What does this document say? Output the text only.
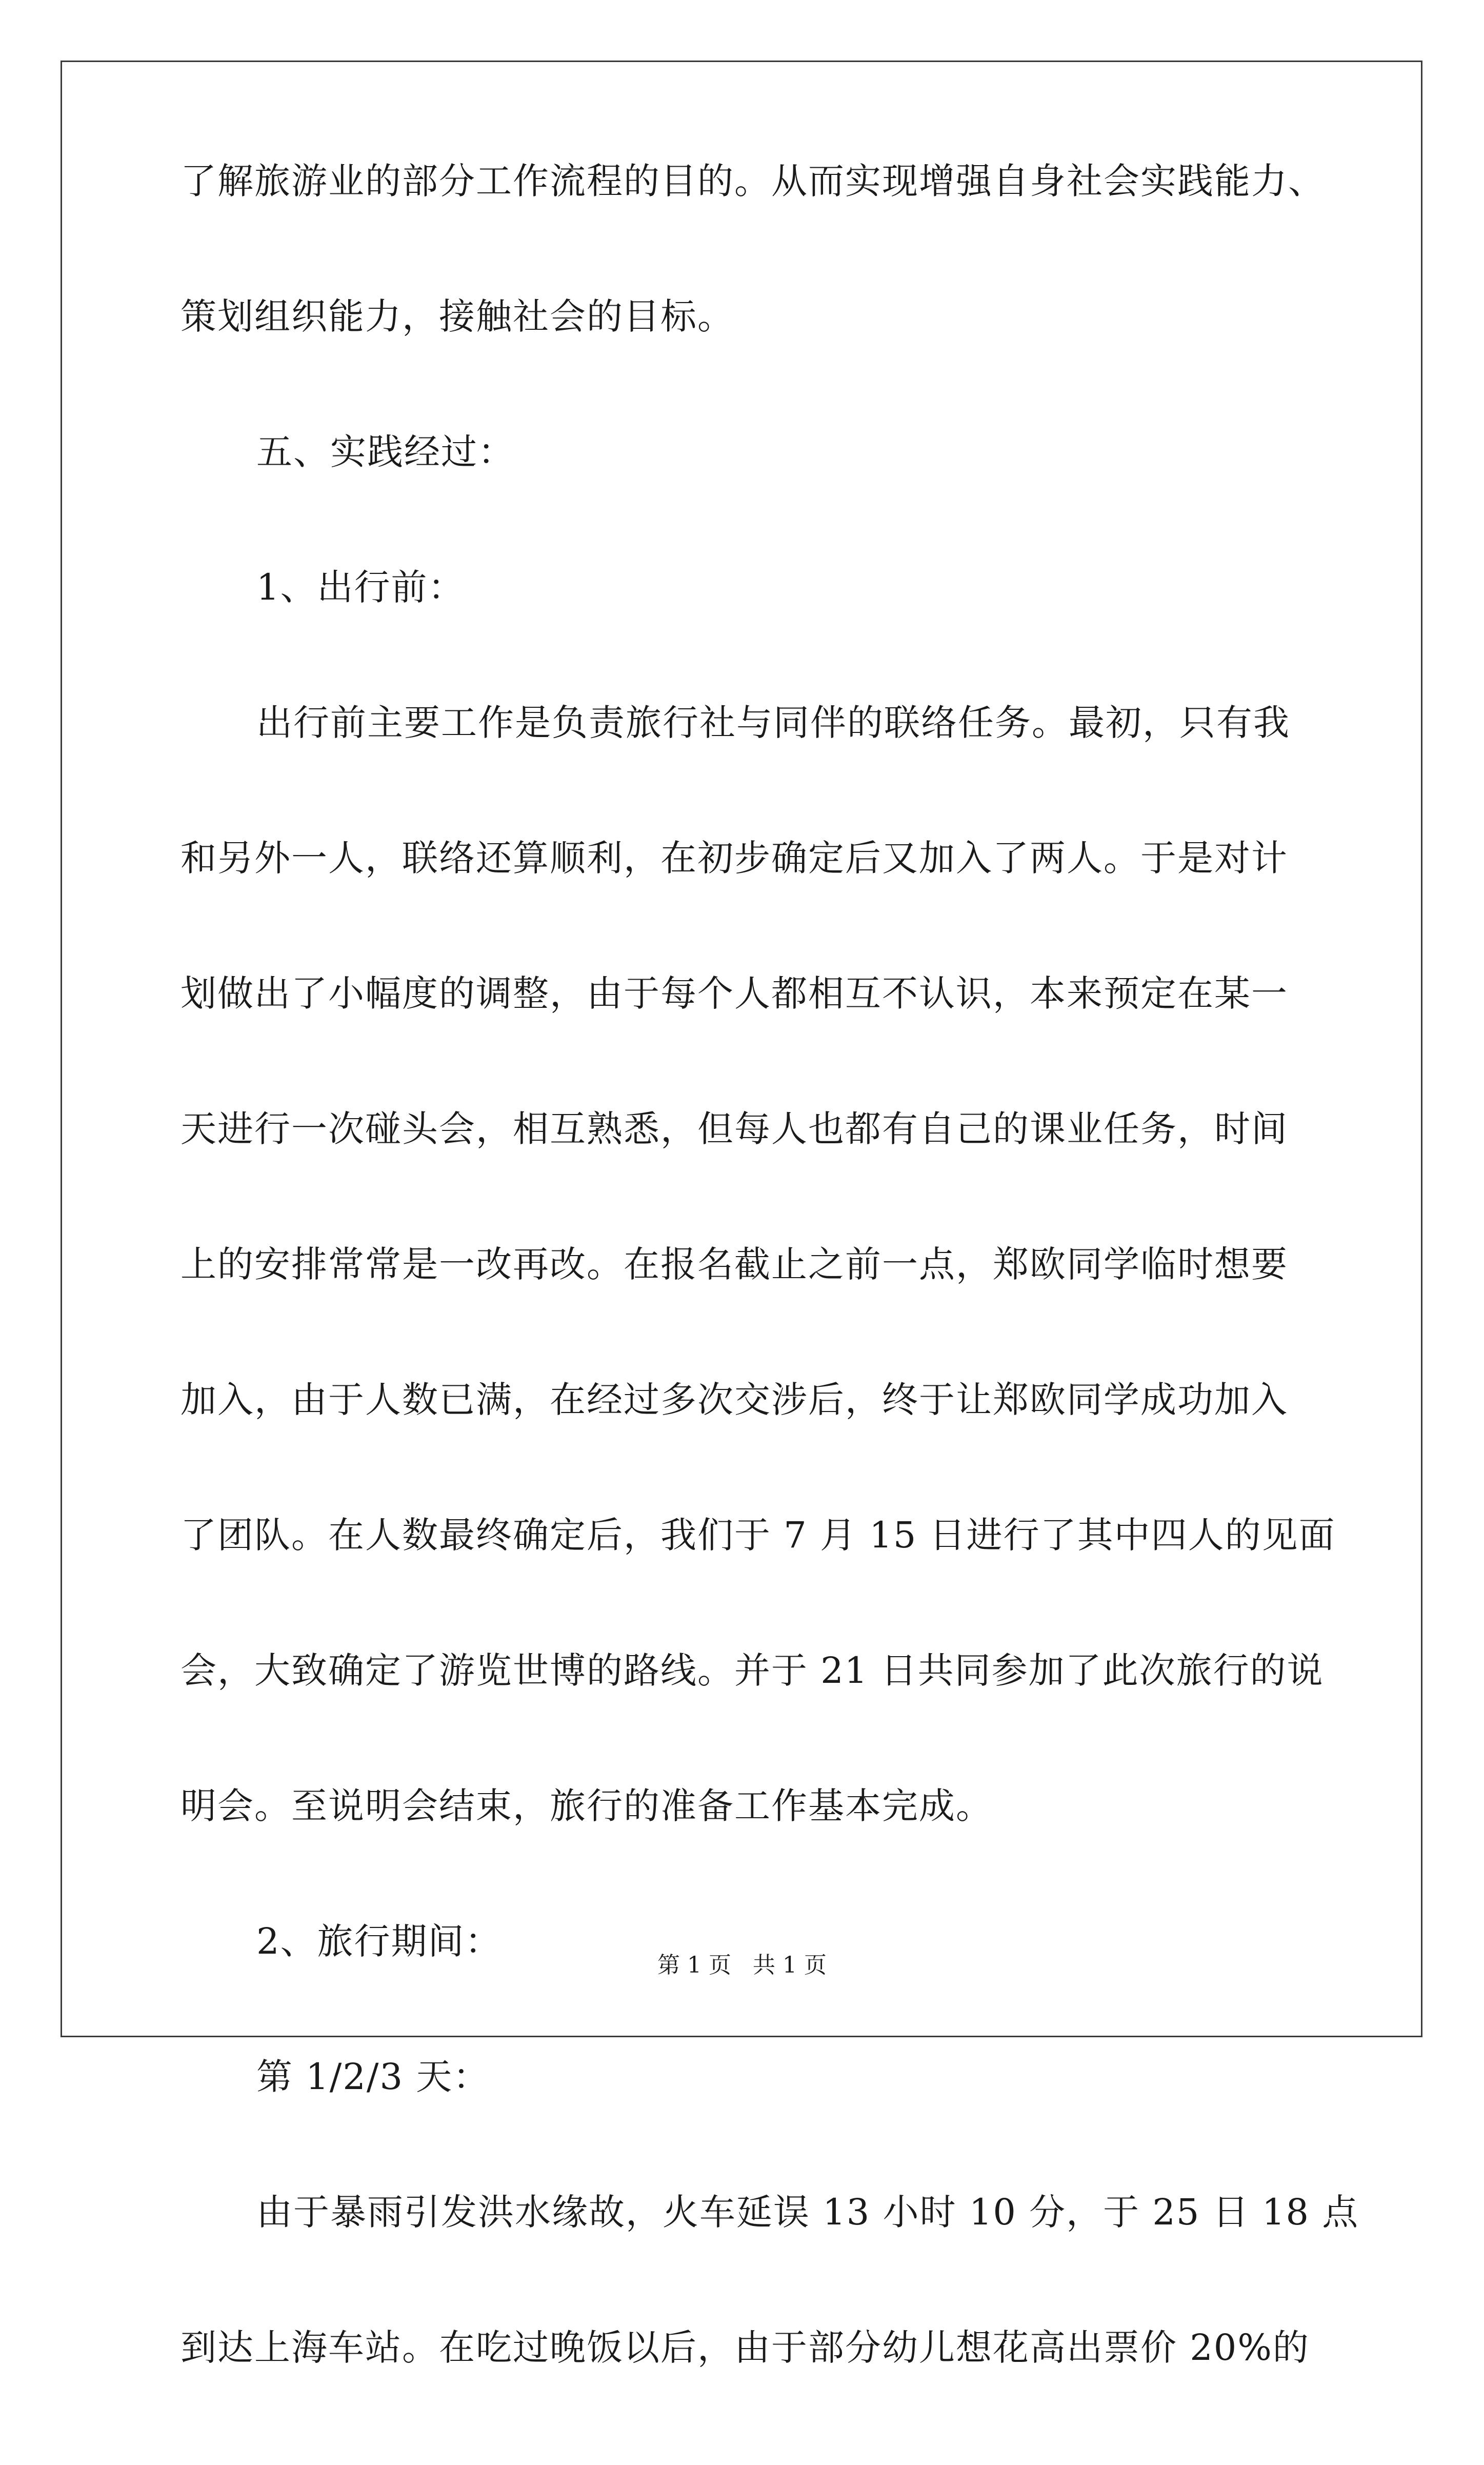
了解旅游业的部分工作流程的目的。从而实现增强自身社会实践能力、
策划组织能力，接触社会的目标。
五、实践经过：
1、出行前：
出行前主要工作是负责旅行社与同伴的联络任务。最初，只有我
和另外一人，联络还算顺利，在初步确定后又加入了两人。于是对计
划做出了小幅度的调整，由于每个人都相互不认识，本来预定在某一
天进行一次碰头会，相互熟悉，但每人也都有自己的课业任务，时间
上的安排常常是一改再改。在报名截止之前一点，郑欧同学临时想要
加入，由于人数已满，在经过多次交涉后，终于让郑欧同学成功加入
了团队。在人数最终确定后，我们于 7 月 15 日进行了其中四人的见面
会，大致确定了游览世博的路线。并于 21 日共同参加了此次旅行的说
明会。至说明会结束，旅行的准备工作基本完成。
2、旅行期间：
第 1/2/3 天：
由于暴雨引发洪水缘故，火车延误 13 小时 10 分，于 25 日 18 点
到达上海车站。在吃过晚饭以后，由于部分幼儿想花高出票价 20%的
第 1 页 共 1 页
